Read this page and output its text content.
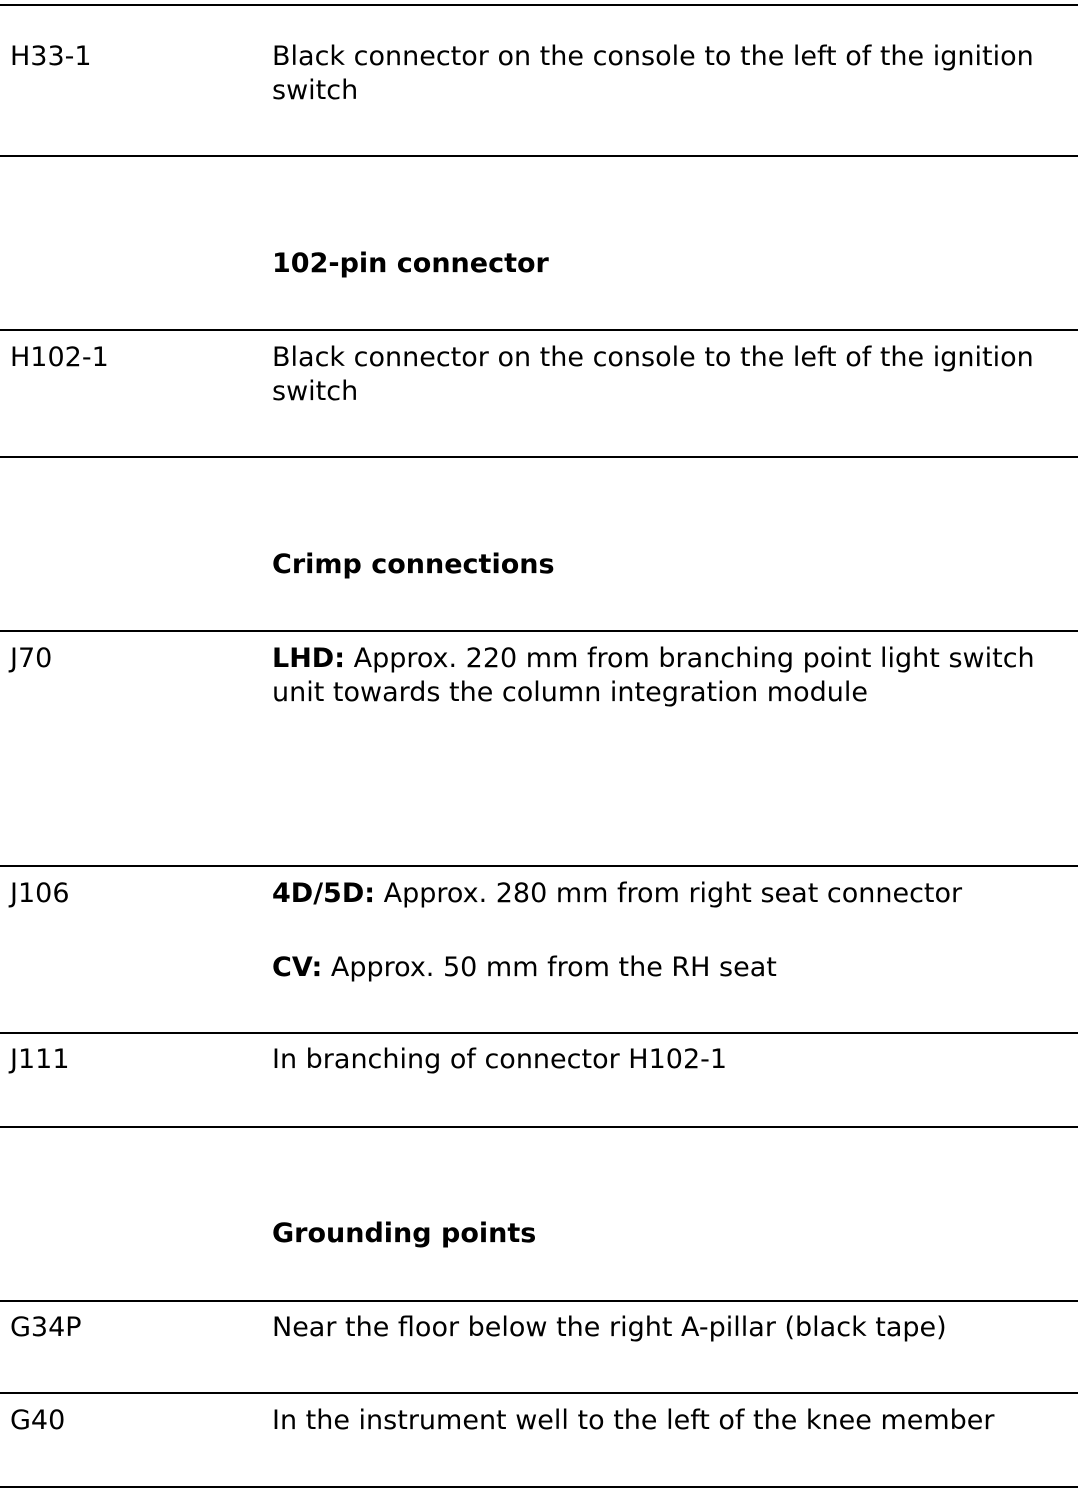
H33-1	Black connector on the console to the left of the ignition switch
102-pin connector
H102-1	Black connector on the console to the left of the ignition switch
Crimp connections
J70	LHD: Approx. 220 mm from branching point light switch unit towards the column integration module
J106	4D/5D: Approx. 280 mm from right seat connector
CV: Approx. 50 mm from the RH seat
J111	In branching of connector H102-1
Grounding points
G34P	Near the floor below the right A-pillar (black tape)
G40	In the instrument well to the left of the knee member
